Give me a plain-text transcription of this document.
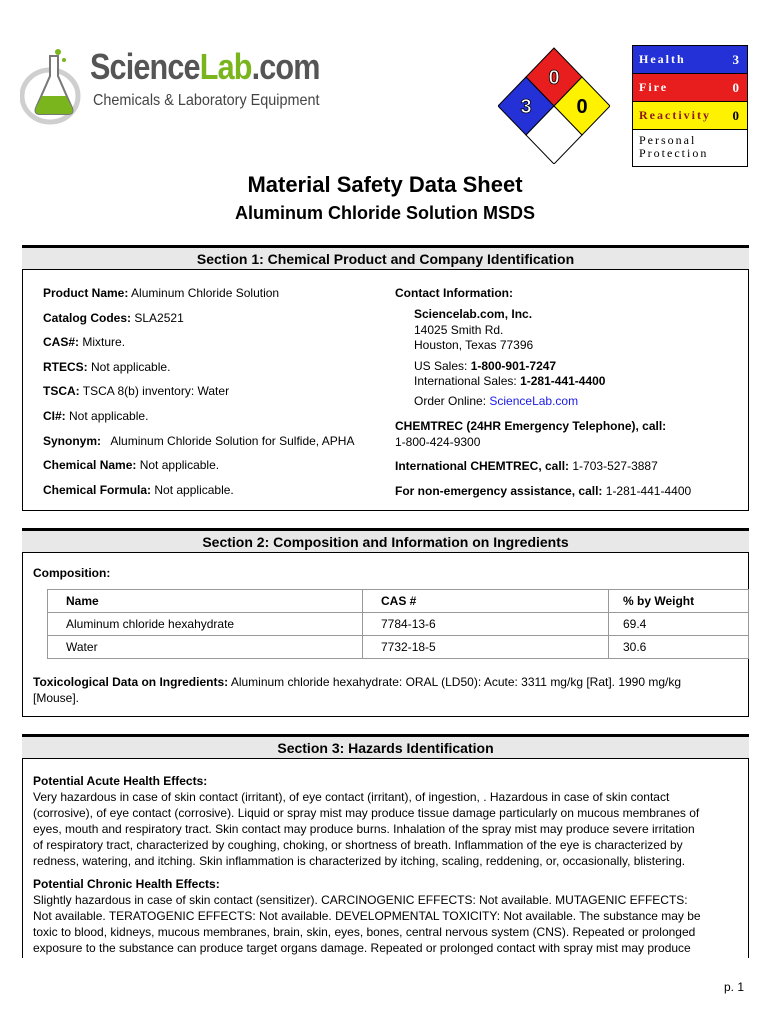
ScienceLab.com
Chemicals & Laboratory Equipment
0
3 0
Health	3
Fire	0
Reactivity 0
Personal
Protection
Material Safety Data Sheet
Aluminum Chloride Solution MSDS
Section 1: Chemical Product and Company Identification
Product Name: Aluminum Chloride Solution
Catalog Codes: SLA2521
CAS#: Mixture.
RTECS: Not applicable.
TSCA: TSCA 8(b) inventory: Water
CI#: Not applicable.
Synonym: Aluminum Chloride Solution for Sulfide, APHA
Chemical Name: Not applicable.
Chemical Formula: Not applicable.
Contact Information:
Sciencelab.com, Inc.
14025 Smith Rd.
Houston, Texas 77396
US Sales: 1-800-901-7247
International Sales: 1-281-441-4400
Order Online: ScienceLab.com
CHEMTREC (24HR Emergency Telephone), call:
1-800-424-9300
International CHEMTREC, call: 1-703-527-3887
For non-emergency assistance, call: 1-281-441-4400
Section 2: Composition and Information on Ingredients
Composition:
Name	CAS #	% by Weight
Aluminum chloride hexahydrate	7784-13-6	69.4
Water	7732-18-5	30.6
Toxicological Data on Ingredients: Aluminum chloride hexahydrate: ORAL (LD50): Acute: 3311 mg/kg [Rat]. 1990 mg/kg
[Mouse].
Section 3: Hazards Identification
Potential Acute Health Effects:
Very hazardous in case of skin contact (irritant), of eye contact (irritant), of ingestion, . Hazardous in case of skin contact
(corrosive), of eye contact (corrosive). Liquid or spray mist may produce tissue damage particularly on mucous membranes of
eyes, mouth and respiratory tract. Skin contact may produce burns. Inhalation of the spray mist may produce severe irritation
of respiratory tract, characterized by coughing, choking, or shortness of breath. Inflammation of the eye is characterized by
redness, watering, and itching. Skin inflammation is characterized by itching, scaling, reddening, or, occasionally, blistering.
Potential Chronic Health Effects:
Slightly hazardous in case of skin contact (sensitizer). CARCINOGENIC EFFECTS: Not available. MUTAGENIC EFFECTS:
Not available. TERATOGENIC EFFECTS: Not available. DEVELOPMENTAL TOXICITY: Not available. The substance may be
toxic to blood, kidneys, mucous membranes, brain, skin, eyes, bones, central nervous system (CNS). Repeated or prolonged
exposure to the substance can produce target organs damage. Repeated or prolonged contact with spray mist may produce
p. 1
